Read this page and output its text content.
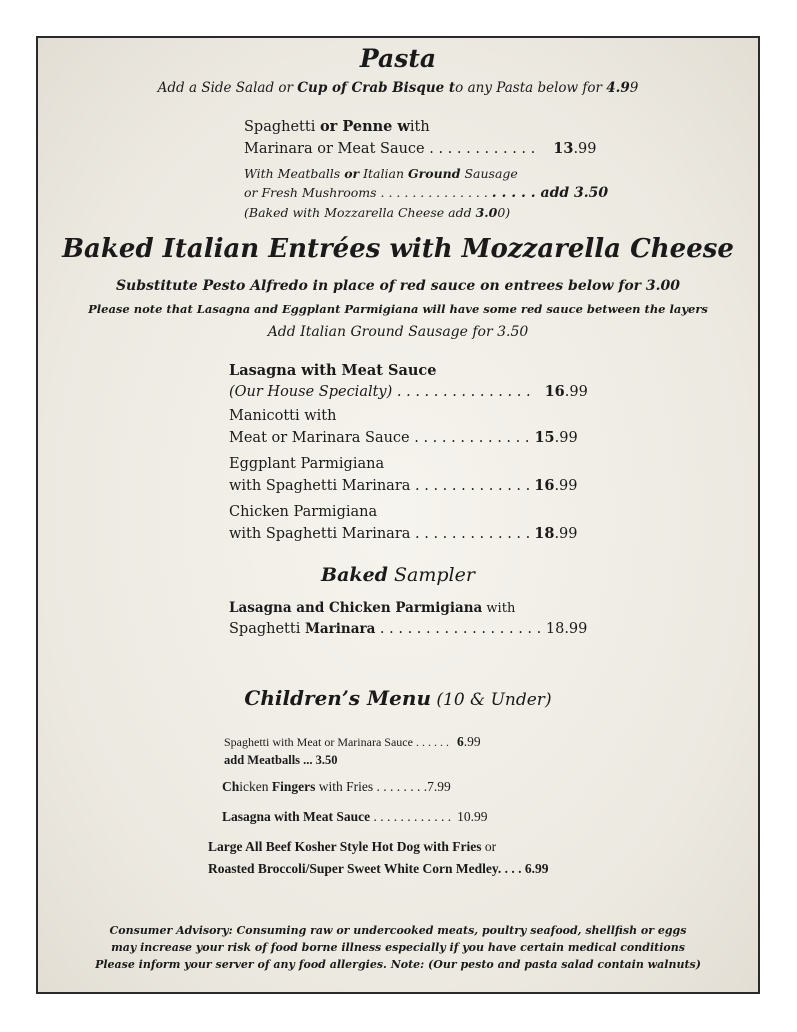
Pasta
Add a Side Salad or Cup of Crab Bisque to any Pasta below for 4.99
Spaghetti or Penne with
Marinara or Meat Sauce . . . . . . . . . . . . 13.99
With Meatballs or Italian Ground Sausage
or Fresh Mushrooms . . . . . . . . . . . . . . . . . . . add 3.50
(Baked with Mozzarella Cheese add 3.00)
Baked Italian Entrées with Mozzarella Cheese
Substitute Pesto Alfredo in place of red sauce on entrees below for 3.00
Please note that Lasagna and Eggplant Parmigiana will have some red sauce between the layers
Add Italian Ground Sausage for 3.50
Lasagna with Meat Sauce
(Our House Specialty) . . . . . . . . . . . . . . . 16.99
Manicotti with
Meat or Marinara Sauce . . . . . . . . . . . . . 15.99
Eggplant Parmigiana
with Spaghetti Marinara . . . . . . . . . . . . . 16.99
Chicken Parmigiana
with Spaghetti Marinara . . . . . . . . . . . . . 18.99
Baked Sampler
Lasagna and Chicken Parmigiana with
Spaghetti Marinara . . . . . . . . . . . . . . . . . . 18.99
Children’s Menu (10 & Under)
Spaghetti with Meat or Marinara Sauce . . . . . . 6.99
add Meatballs ... 3.50
Chicken Fingers with Fries . . . . . . . .7.99
Lasagna with Meat Sauce . . . . . . . . . . . . 10.99
Large All Beef Kosher Style Hot Dog with Fries or
Roasted Broccoli/Super Sweet White Corn Medley. . . . 6.99
Consumer Advisory: Consuming raw or undercooked meats, poultry seafood, shellfish or eggs
may increase your risk of food borne illness especially if you have certain medical conditions
Please inform your server of any food allergies. Note: (Our pesto and pasta salad contain walnuts)
